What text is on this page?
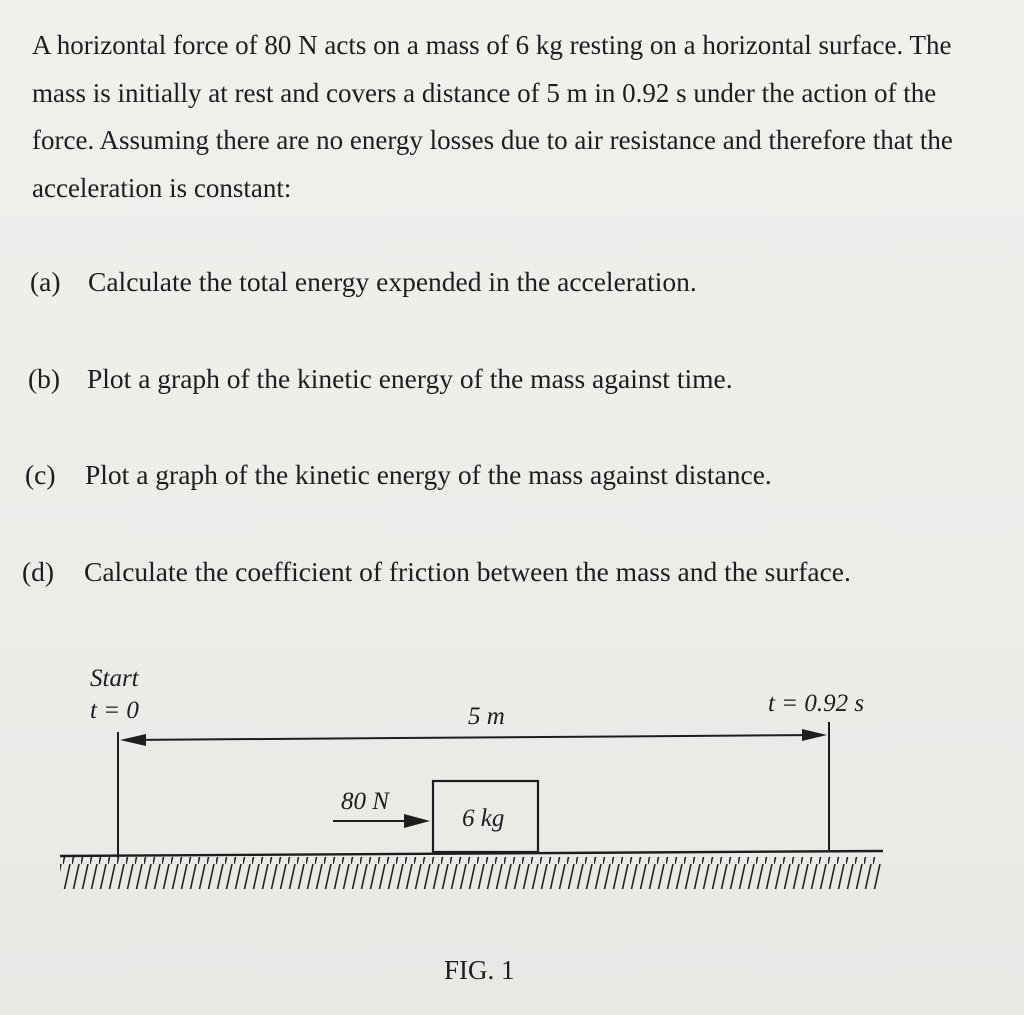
A horizontal force of 80 N acts on a mass of 6 kg resting on a horizontal surface. The mass is initially at rest and covers a distance of 5 m in 0.92 s under the action of the force. Assuming there are no energy losses due to air resistance and therefore that the acceleration is constant:

(a) Calculate the total energy expended in the acceleration.
(b) Plot a graph of the kinetic energy of the mass against time.
(c) Plot a graph of the kinetic energy of the mass against distance.
(d) Calculate the coefficient of friction between the mass and the surface.
Start
t = 0	5 m	t = 0.92 s
80 N
6 kg
FIG. 1
